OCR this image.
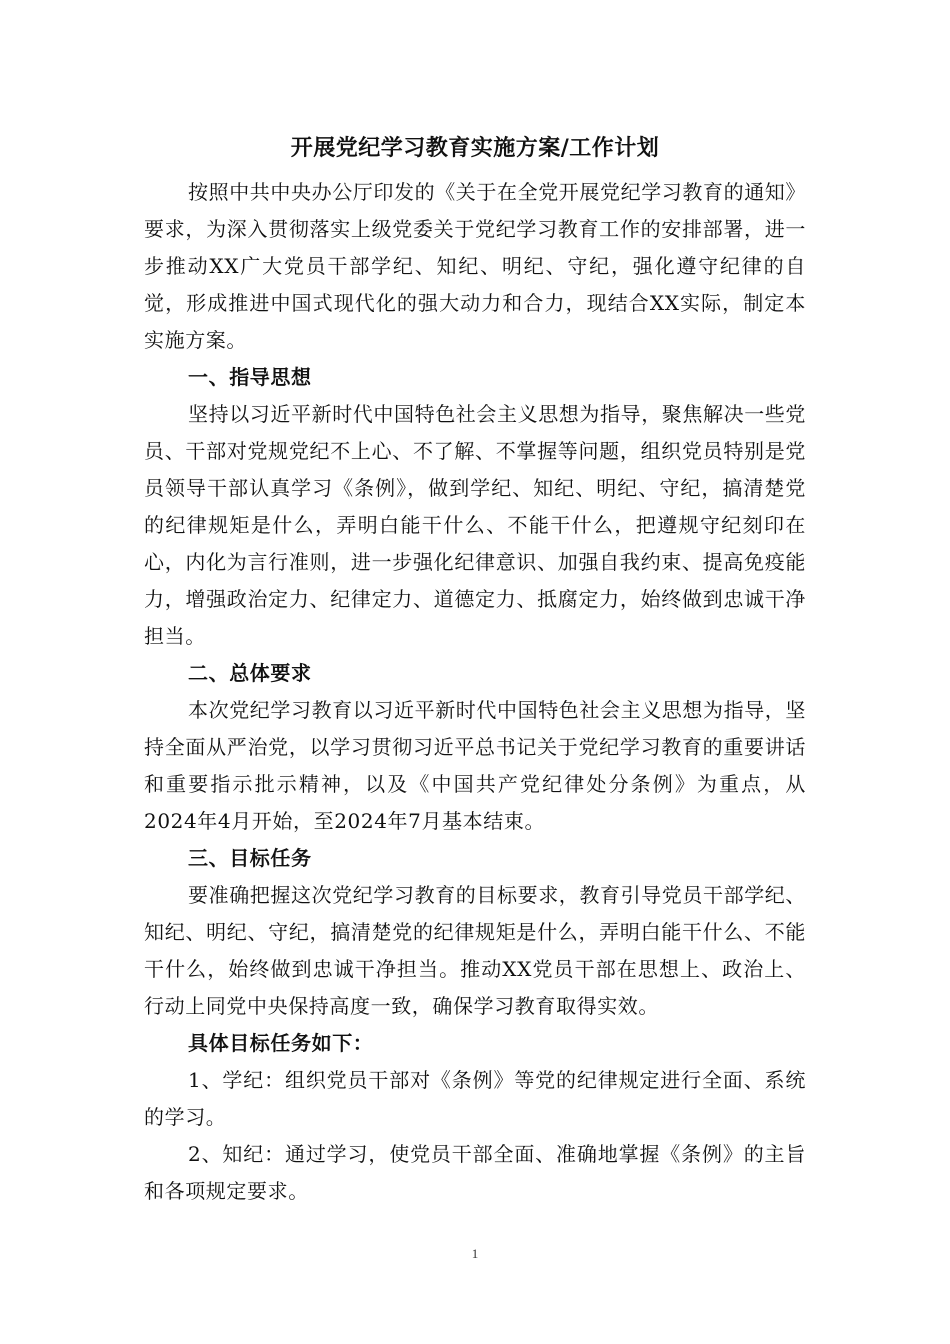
开展党纪学习教育实施方案/工作计划

按照中共中央办公厅印发的《关于在全党开展党纪学习教育的通知》要求，为深入贯彻落实上级党委关于党纪学习教育工作的安排部署，进一步推动XX广大党员干部学纪、知纪、明纪、守纪，强化遵守纪律的自觉，形成推进中国式现代化的强大动力和合力，现结合XX实际，制定本实施方案。

一、指导思想

坚持以习近平新时代中国特色社会主义思想为指导，聚焦解决一些党员、干部对党规党纪不上心、不了解、不掌握等问题，组织党员特别是党员领导干部认真学习《条例》，做到学纪、知纪、明纪、守纪，搞清楚党的纪律规矩是什么，弄明白能干什么、不能干什么，把遵规守纪刻印在心，内化为言行准则，进一步强化纪律意识、加强自我约束、提高免疫能力，增强政治定力、纪律定力、道德定力、抵腐定力，始终做到忠诚干净担当。

二、总体要求

本次党纪学习教育以习近平新时代中国特色社会主义思想为指导，坚持全面从严治党，以学习贯彻习近平总书记关于党纪学习教育的重要讲话和重要指示批示精神，以及《中国共产党纪律处分条例》为重点，从2024年4月开始，至2024年7月基本结束。

三、目标任务

要准确把握这次党纪学习教育的目标要求，教育引导党员干部学纪、知纪、明纪、守纪，搞清楚党的纪律规矩是什么，弄明白能干什么、不能干什么，始终做到忠诚干净担当。推动XX党员干部在思想上、政治上、行动上同党中央保持高度一致，确保学习教育取得实效。

具体目标任务如下：

1、学纪：组织党员干部对《条例》等党的纪律规定进行全面、系统的学习。

2、知纪：通过学习，使党员干部全面、准确地掌握《条例》的主旨和各项规定要求。

1
